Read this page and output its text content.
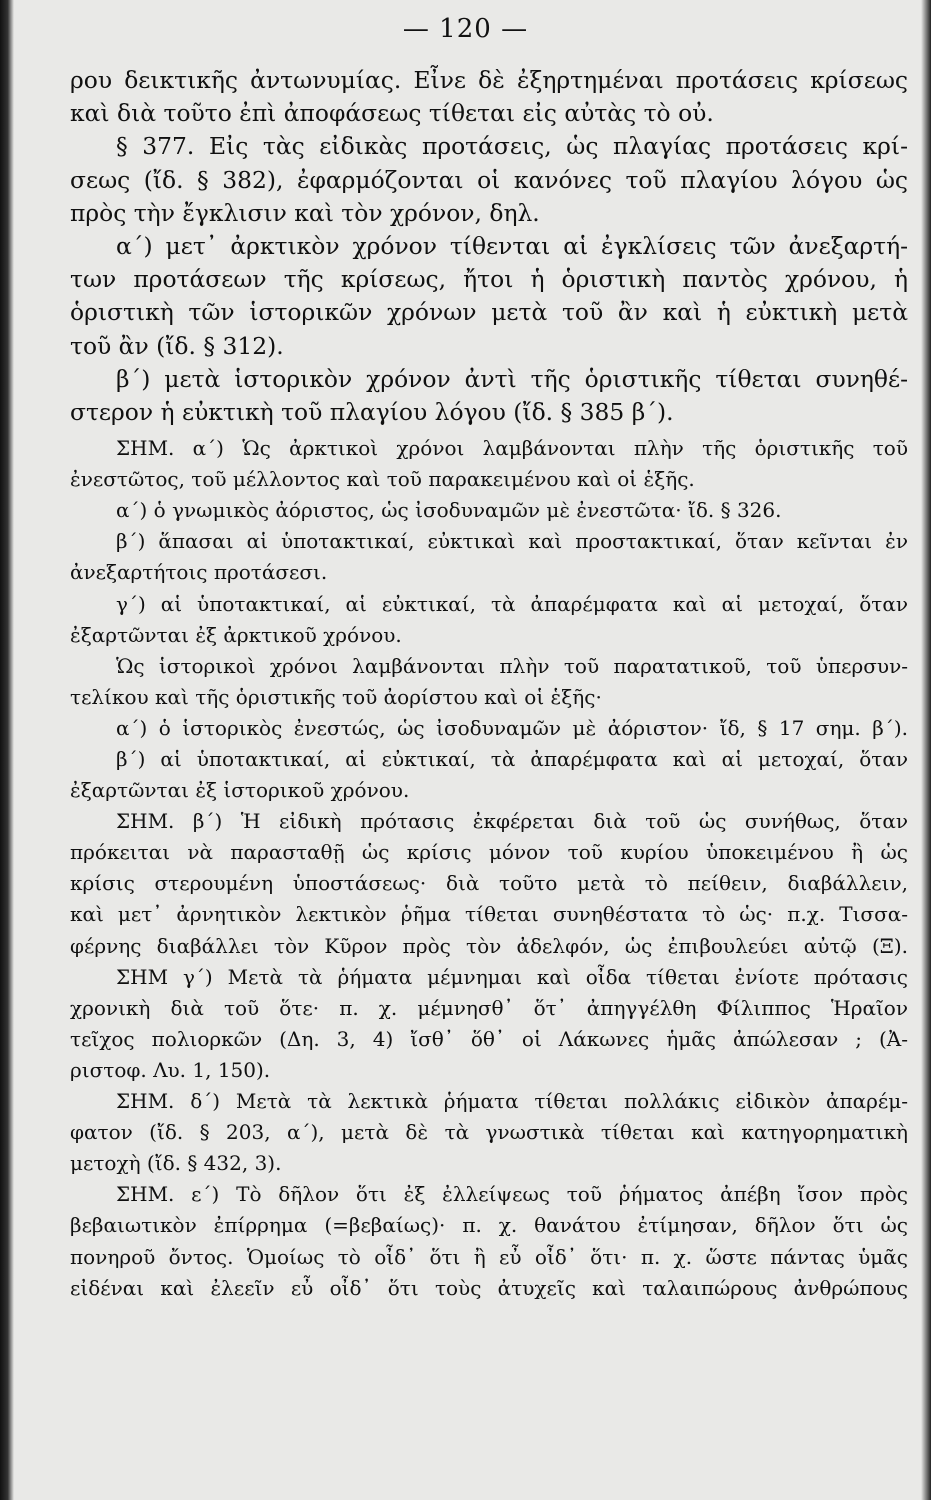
— 120 —
ρου δεικτικῆς ἀντωνυμίας. Εἶνε δὲ ἐξηρτημέναι προτάσεις κρίσεως
καὶ διὰ τοῦτο ἐπὶ ἀποφάσεως τίθεται εἰς αὐτὰς τὸ οὐ.
§ 377. Εἰς τὰς εἰδικὰς προτάσεις, ὡς πλαγίας προτάσεις κρί-
σεως (ἴδ. § 382), ἐφαρμόζονται οἱ κανόνες τοῦ πλαγίου λόγου ὡς
πρὸς τὴν ἔγκλισιν καὶ τὸν χρόνον, δηλ.
α΄) μετ᾽ ἀρκτικὸν χρόνον τίθενται αἱ ἐγκλίσεις τῶν ἀνεξαρτή-
των προτάσεων τῆς κρίσεως, ἤτοι ἡ ὁριστικὴ παντὸς χρόνου, ἡ
ὁριστικὴ τῶν ἱστορικῶν χρόνων μετὰ τοῦ ἂν καὶ ἡ εὐκτικὴ μετὰ
τοῦ ἂν (ἴδ. § 312).
β΄) μετὰ ἱστορικὸν χρόνον ἀντὶ τῆς ὁριστικῆς τίθεται συνηθέ-
στερον ἡ εὐκτικὴ τοῦ πλαγίου λόγου (ἴδ. § 385 β΄).
ΣΗΜ. α΄) Ὡς ἀρκτικοὶ χρόνοι λαμβάνονται πλὴν τῆς ὁριστικῆς τοῦ
ἐνεστῶτος, τοῦ μέλλοντος καὶ τοῦ παρακειμένου καὶ οἱ ἑξῆς.
α΄) ὁ γνωμικὸς ἀόριστος, ὡς ἰσοδυναμῶν μὲ ἐνεστῶτα· ἴδ. § 326.
β΄) ἅπασαι αἱ ὑποτακτικαί, εὐκτικαὶ καὶ προστακτικαί, ὅταν κεῖνται ἐν
ἀνεξαρτήτοις προτάσεσι.
γ΄) αἱ ὑποτακτικαί, αἱ εὐκτικαί, τὰ ἀπαρέμφατα καὶ αἱ μετοχαί, ὅταν
ἐξαρτῶνται ἐξ ἀρκτικοῦ χρόνου.
Ὡς ἱστορικοὶ χρόνοι λαμβάνονται πλὴν τοῦ παρατατικοῦ, τοῦ ὑπερσυν-
τελίκου καὶ τῆς ὁριστικῆς τοῦ ἀορίστου καὶ οἱ ἑξῆς·
α΄) ὁ ἱστορικὸς ἐνεστώς, ὡς ἰσοδυναμῶν μὲ ἀόριστον· ἴδ, § 17 σημ. β΄).
β΄) αἱ ὑποτακτικαί, αἱ εὐκτικαί, τὰ ἀπαρέμφατα καὶ αἱ μετοχαί, ὅταν
ἐξαρτῶνται ἐξ ἱστορικοῦ χρόνου.
ΣΗΜ. β΄) Ἡ εἰδικὴ πρότασις ἐκφέρεται διὰ τοῦ ὡς συνήθως, ὅταν
πρόκειται νὰ παρασταθῇ ὡς κρίσις μόνον τοῦ κυρίου ὑποκειμένου ἢ ὡς
κρίσις στερουμένη ὑποστάσεως· διὰ τοῦτο μετὰ τὸ πείθειν, διαβάλλειν,
καὶ μετ᾽ ἀρνητικὸν λεκτικὸν ῥῆμα τίθεται συνηθέστατα τὸ ὡς· π.χ. Τισσα-
φέρνης διαβάλλει τὸν Κῦρον πρὸς τὸν ἀδελφόν, ὡς ἐπιβουλεύει αὐτῷ (Ξ).
ΣΗΜ γ΄) Μετὰ τὰ ῥήματα μέμνημαι καὶ οἶδα τίθεται ἐνίοτε πρότασις
χρονικὴ διὰ τοῦ ὅτε· π. χ. μέμνησθ᾽ ὅτ᾽ ἀπηγγέλθη Φίλιππος Ἡραῖον
τεῖχος πολιορκῶν (Δη. 3, 4) ἴσθ᾽ ὅθ᾽ οἱ Λάκωνες ἡμᾶς ἀπώλεσαν ; (Ἀ-
ριστοφ. Λυ. 1, 150).
ΣΗΜ. δ΄) Μετὰ τὰ λεκτικὰ ῥήματα τίθεται πολλάκις εἰδικὸν ἀπαρέμ-
φατον (ἴδ. § 203, α΄), μετὰ δὲ τὰ γνωστικὰ τίθεται καὶ κατηγορηματικὴ
μετοχὴ (ἴδ. § 432, 3).
ΣΗΜ. ε΄) Τὸ δῆλον ὅτι ἐξ ἐλλείψεως τοῦ ῥήματος ἀπέβη ἴσον πρὸς
βεβαιωτικὸν ἐπίρρημα (=βεβαίως)· π. χ. θανάτου ἐτίμησαν, δῆλον ὅτι ὡς
πονηροῦ ὄντος. Ὁμοίως τὸ οἶδ᾽ ὅτι ἢ εὖ οἶδ᾽ ὅτι· π. χ. ὥστε πάντας ὑμᾶς
εἰδέναι καὶ ἐλεεῖν εὖ οἶδ᾽ ὅτι τοὺς ἀτυχεῖς καὶ ταλαιπώρους ἀνθρώπους
